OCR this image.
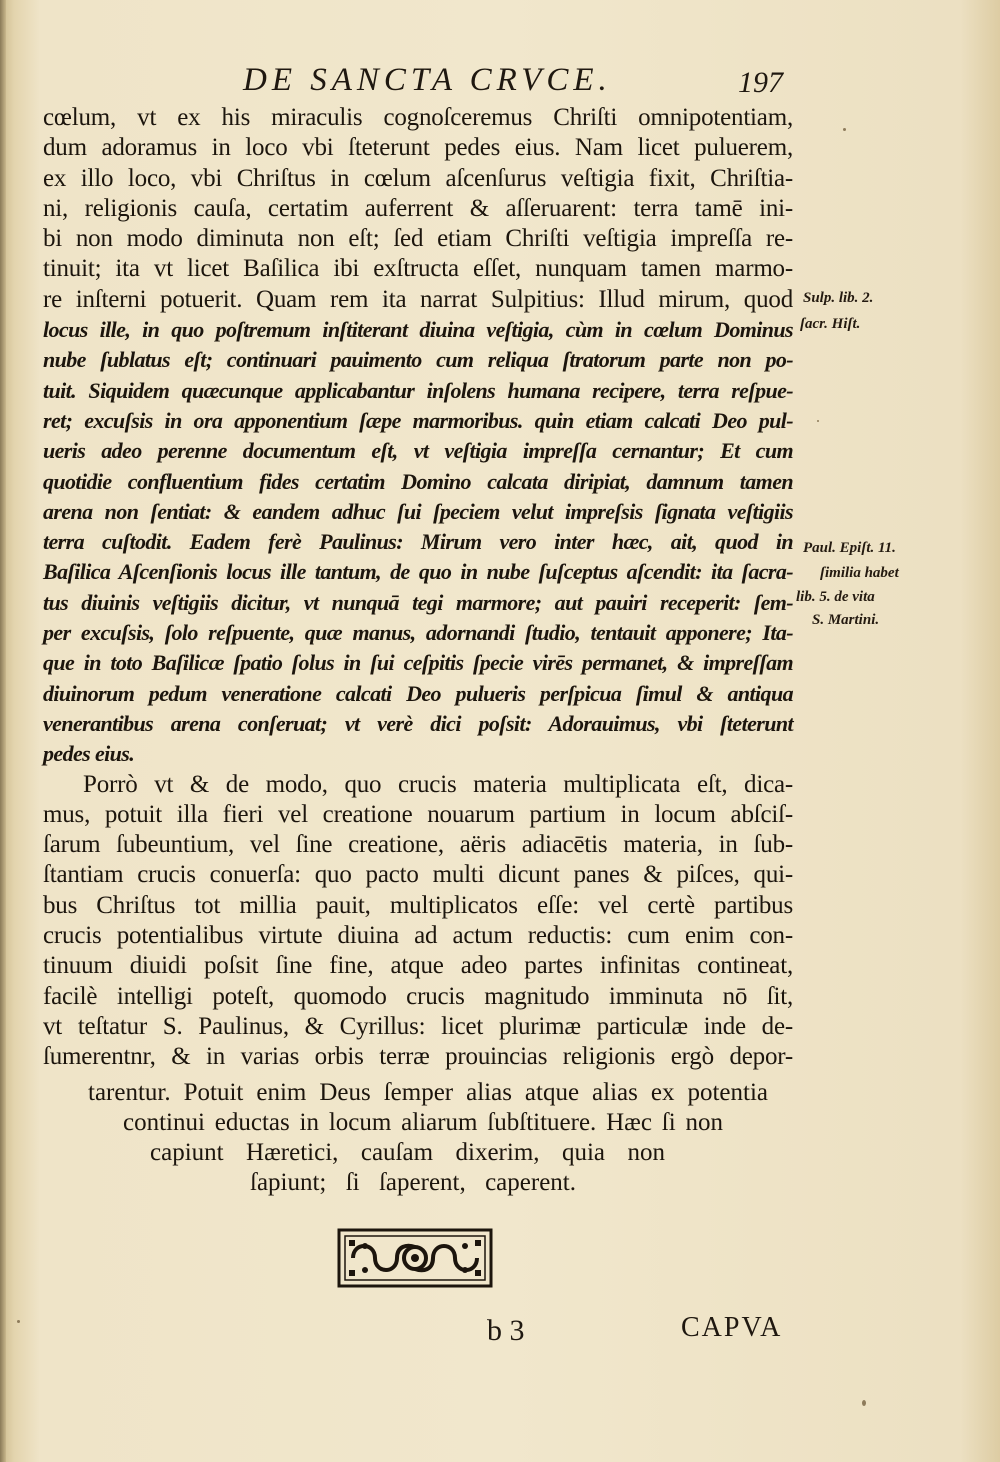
DE SANCTA CRVCE.	197
cœlum, vt ex his miraculis cognoſceremus Chriſti omnipotentiam,
dum adoramus in loco vbi ſteterunt pedes eius. Nam licet puluerem,
ex illo loco, vbi Chriſtus in cœlum aſcenſurus veſtigia fixit, Chriſtia-
ni, religionis cauſa, certatim auferrent & aſſeruarent: terra tamē ini-
bi non modo diminuta non eſt; ſed etiam Chriſti veſtigia impreſſa re-
tinuit; ita vt licet Baſilica ibi exſtructa eſſet, nunquam tamen marmo-
re inſterni potuerit. Quam rem ita narrat Sulpitius: Illud mirum, quod
locus ille, in quo poſtremum inſtiterant diuina veſtigia, cùm in cœlum Dominus
nube ſublatus eſt; continuari pauimento cum reliqua ſtratorum parte non po-
tuit. Siquidem quæcunque applicabantur inſolens humana recipere, terra reſpue-
ret; excuſsis in ora apponentium ſæpe marmoribus. quin etiam calcati Deo pul-
ueris adeo perenne documentum eſt, vt veſtigia impreſſa cernantur; Et cum
quotidie confluentium fides certatim Domino calcata diripiat, damnum tamen
arena non ſentiat: & eandem adhuc ſui ſpeciem velut impreſsis ſignata veſtigiis
terra cuſtodit. Eadem ferè Paulinus: Mirum vero inter hæc, ait, quod in
Baſilica Aſcenſionis locus ille tantum, de quo in nube ſuſceptus aſcendit: ita ſacra-
tus diuinis veſtigiis dicitur, vt nunquā tegi marmore; aut pauiri receperit: ſem-
per excuſsis, ſolo reſpuente, quæ manus, adornandi ſtudio, tentauit apponere; Ita-
que in toto Baſilicæ ſpatio ſolus in ſui ceſpitis ſpecie virēs permanet, & impreſſam
diuinorum pedum veneratione calcati Deo pulueris perſpicua ſimul & antiqua
venerantibus arena conſeruat; vt verè dici poſsit: Adorauimus, vbi ſteterunt
pedes eius.
Porrò vt & de modo, quo crucis materia multiplicata eſt, dica-
mus, potuit illa fieri vel creatione nouarum partium in locum abſciſ-
ſarum ſubeuntium, vel ſine creatione, aëris adiacētis materia, in ſub-
ſtantiam crucis conuerſa: quo pacto multi dicunt panes & piſces, qui-
bus Chriſtus tot millia pauit, multiplicatos eſſe: vel certè partibus
crucis potentialibus virtute diuina ad actum reductis: cum enim con-
tinuum diuidi poſsit ſine fine, atque adeo partes infinitas contineat,
facilè intelligi poteſt, quomodo crucis magnitudo imminuta nō ſit,
vt teſtatur S. Paulinus, & Cyrillus: licet plurimæ particulæ inde de-
ſumerentnr, & in varias orbis terræ prouincias religionis ergò depor-
tarentur. Potuit enim Deus ſemper alias atque alias ex potentia
continui eductas in locum aliarum ſubſtituere. Hæc ſi non
capiunt Hæretici, cauſam dixerim, quia non
ſapiunt; ſi ſaperent, caperent.
Sulp. lib. 2.
ſacr. Hiſt.
Paul. Epiſt. 11.
ſimilia habet
lib. 5. de vita
S. Martini.
b 3	CAPVA
